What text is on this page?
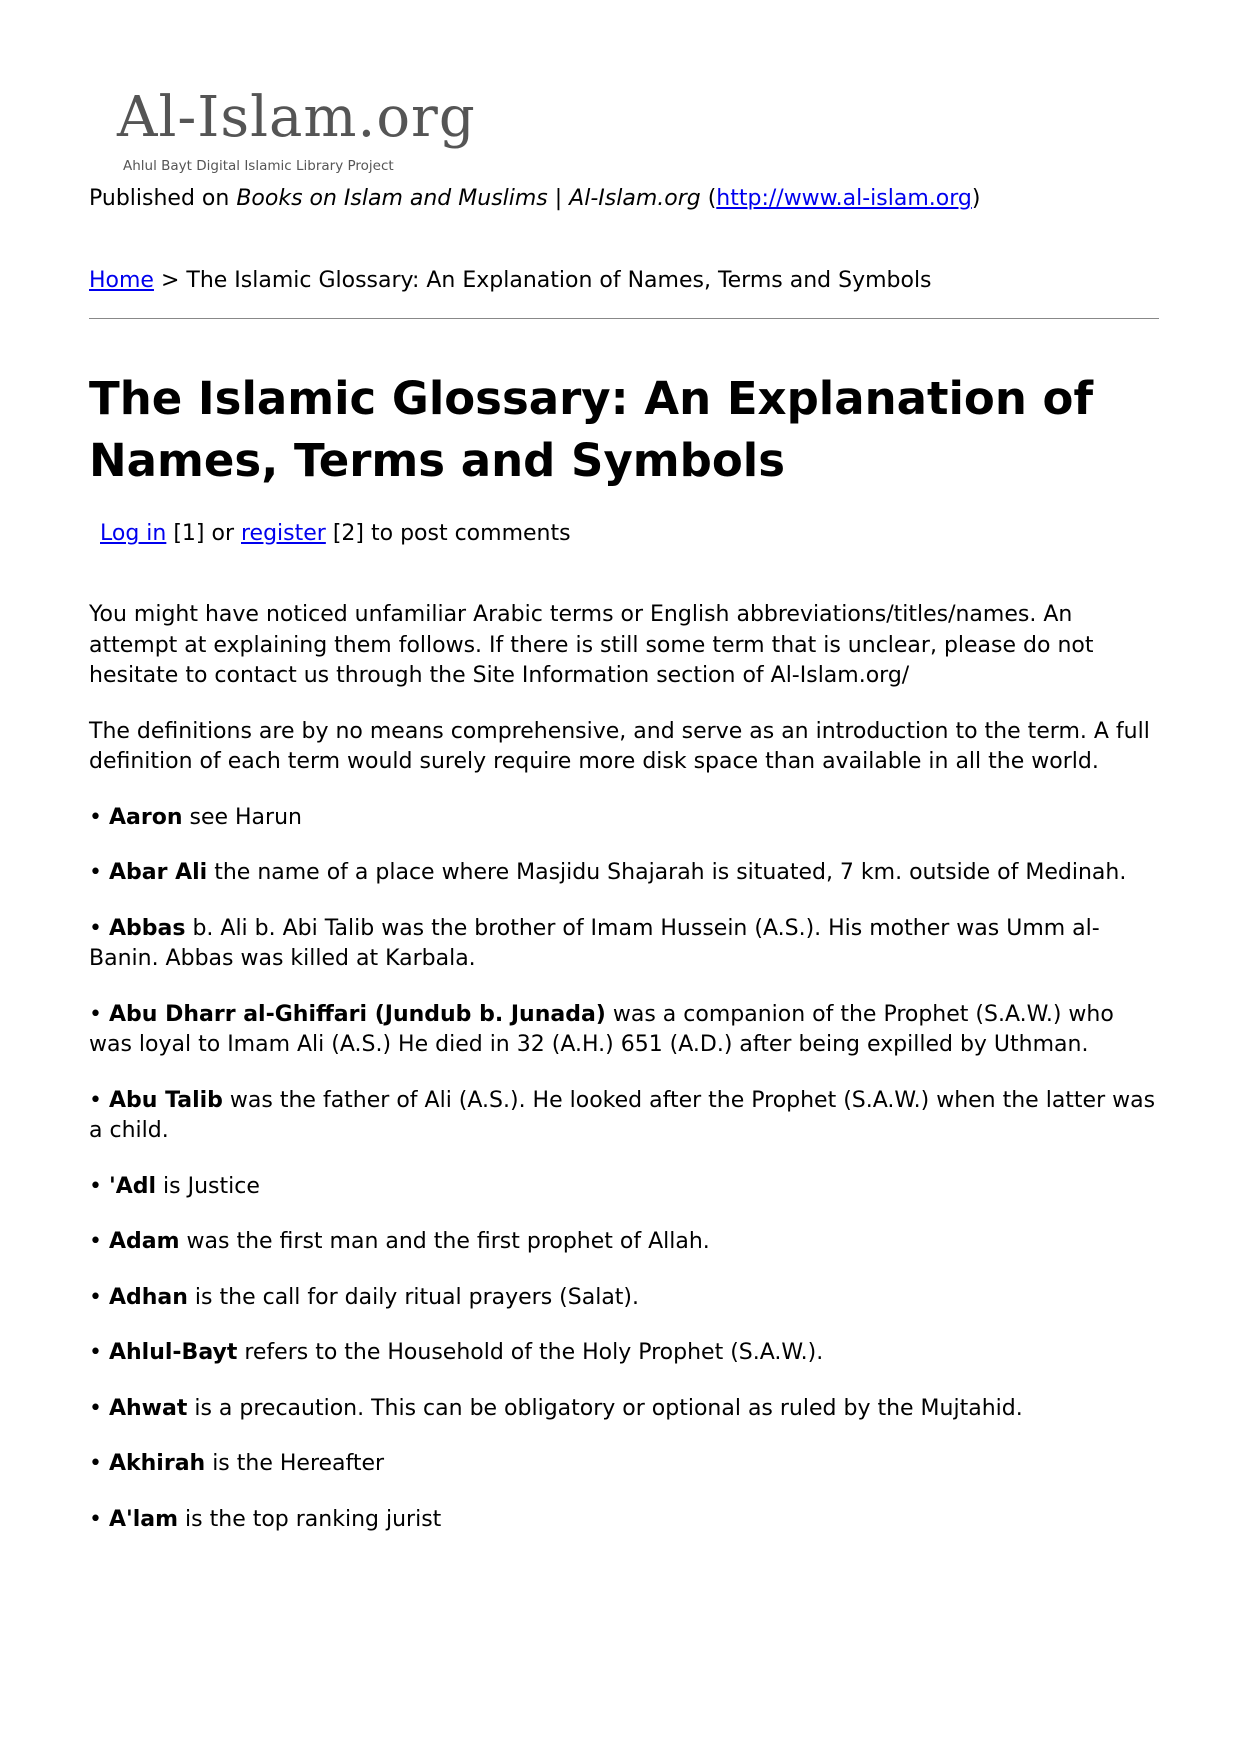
Al-Islam.org
Ahlul Bayt Digital Islamic Library Project
Published on Books on Islam and Muslims | Al-Islam.org (http://www.al-islam.org)
Home > The Islamic Glossary: An Explanation of Names, Terms and Symbols
The Islamic Glossary: An Explanation of Names, Terms and Symbols
Log in [1] or register [2] to post comments

You might have noticed unfamiliar Arabic terms or English abbreviations/titles/names. An attempt at explaining them follows. If there is still some term that is unclear, please do not hesitate to contact us through the Site Information section of Al-Islam.org/

The definitions are by no means comprehensive, and serve as an introduction to the term. A full definition of each term would surely require more disk space than available in all the world.

• Aaron see Harun
• Abar Ali the name of a place where Masjidu Shajarah is situated, 7 km. outside of Medinah.
• Abbas b. Ali b. Abi Talib was the brother of Imam Hussein (A.S.). His mother was Umm al-Banin. Abbas was killed at Karbala.
• Abu Dharr al-Ghiffari (Jundub b. Junada) was a companion of the Prophet (S.A.W.) who was loyal to Imam Ali (A.S.) He died in 32 (A.H.) 651 (A.D.) after being expilled by Uthman.
• Abu Talib was the father of Ali (A.S.). He looked after the Prophet (S.A.W.) when the latter was a child.
• 'Adl is Justice
• Adam was the first man and the first prophet of Allah.
• Adhan is the call for daily ritual prayers (Salat).
• Ahlul-Bayt refers to the Household of the Holy Prophet (S.A.W.).
• Ahwat is a precaution. This can be obligatory or optional as ruled by the Mujtahid.
• Akhirah is the Hereafter
• A'lam is the top ranking jurist
